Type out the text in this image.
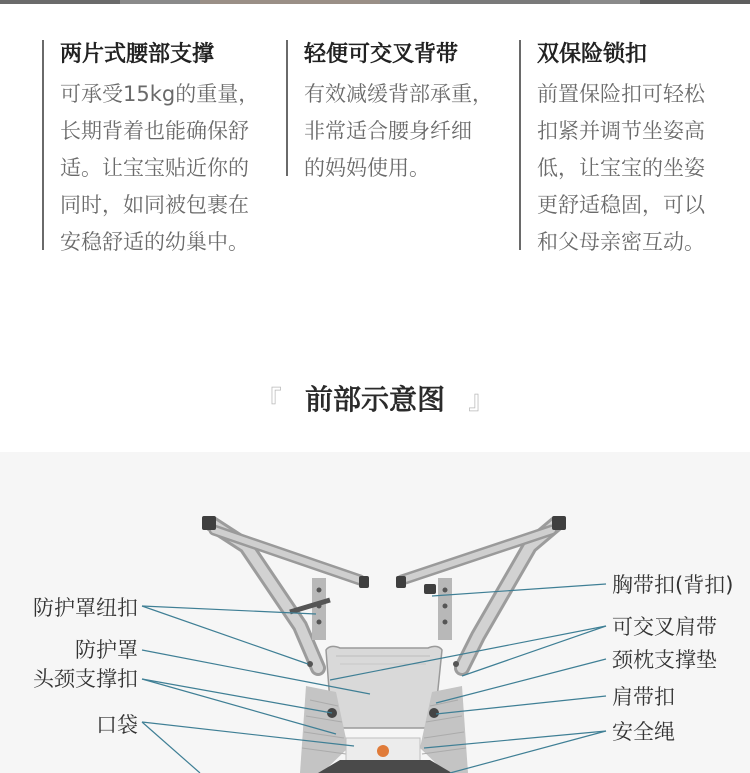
两片式腰部支撑
可承受15kg的重量，
长期背着也能确保舒
适。让宝宝贴近你的
同时，如同被包裹在
安稳舒适的幼巢中。
轻便可交叉背带
有效减缓背部承重，
非常适合腰身纤细
的妈妈使用。
双保险锁扣
前置保险扣可轻松
扣紧并调节坐姿高
低，让宝宝的坐姿
更舒适稳固，可以
和父母亲密互动。
『 前部示意图 』
防护罩纽扣
防护罩
头颈支撑扣
口袋
胸带扣(背扣)
可交叉肩带
颈枕支撑垫
肩带扣
安全绳
